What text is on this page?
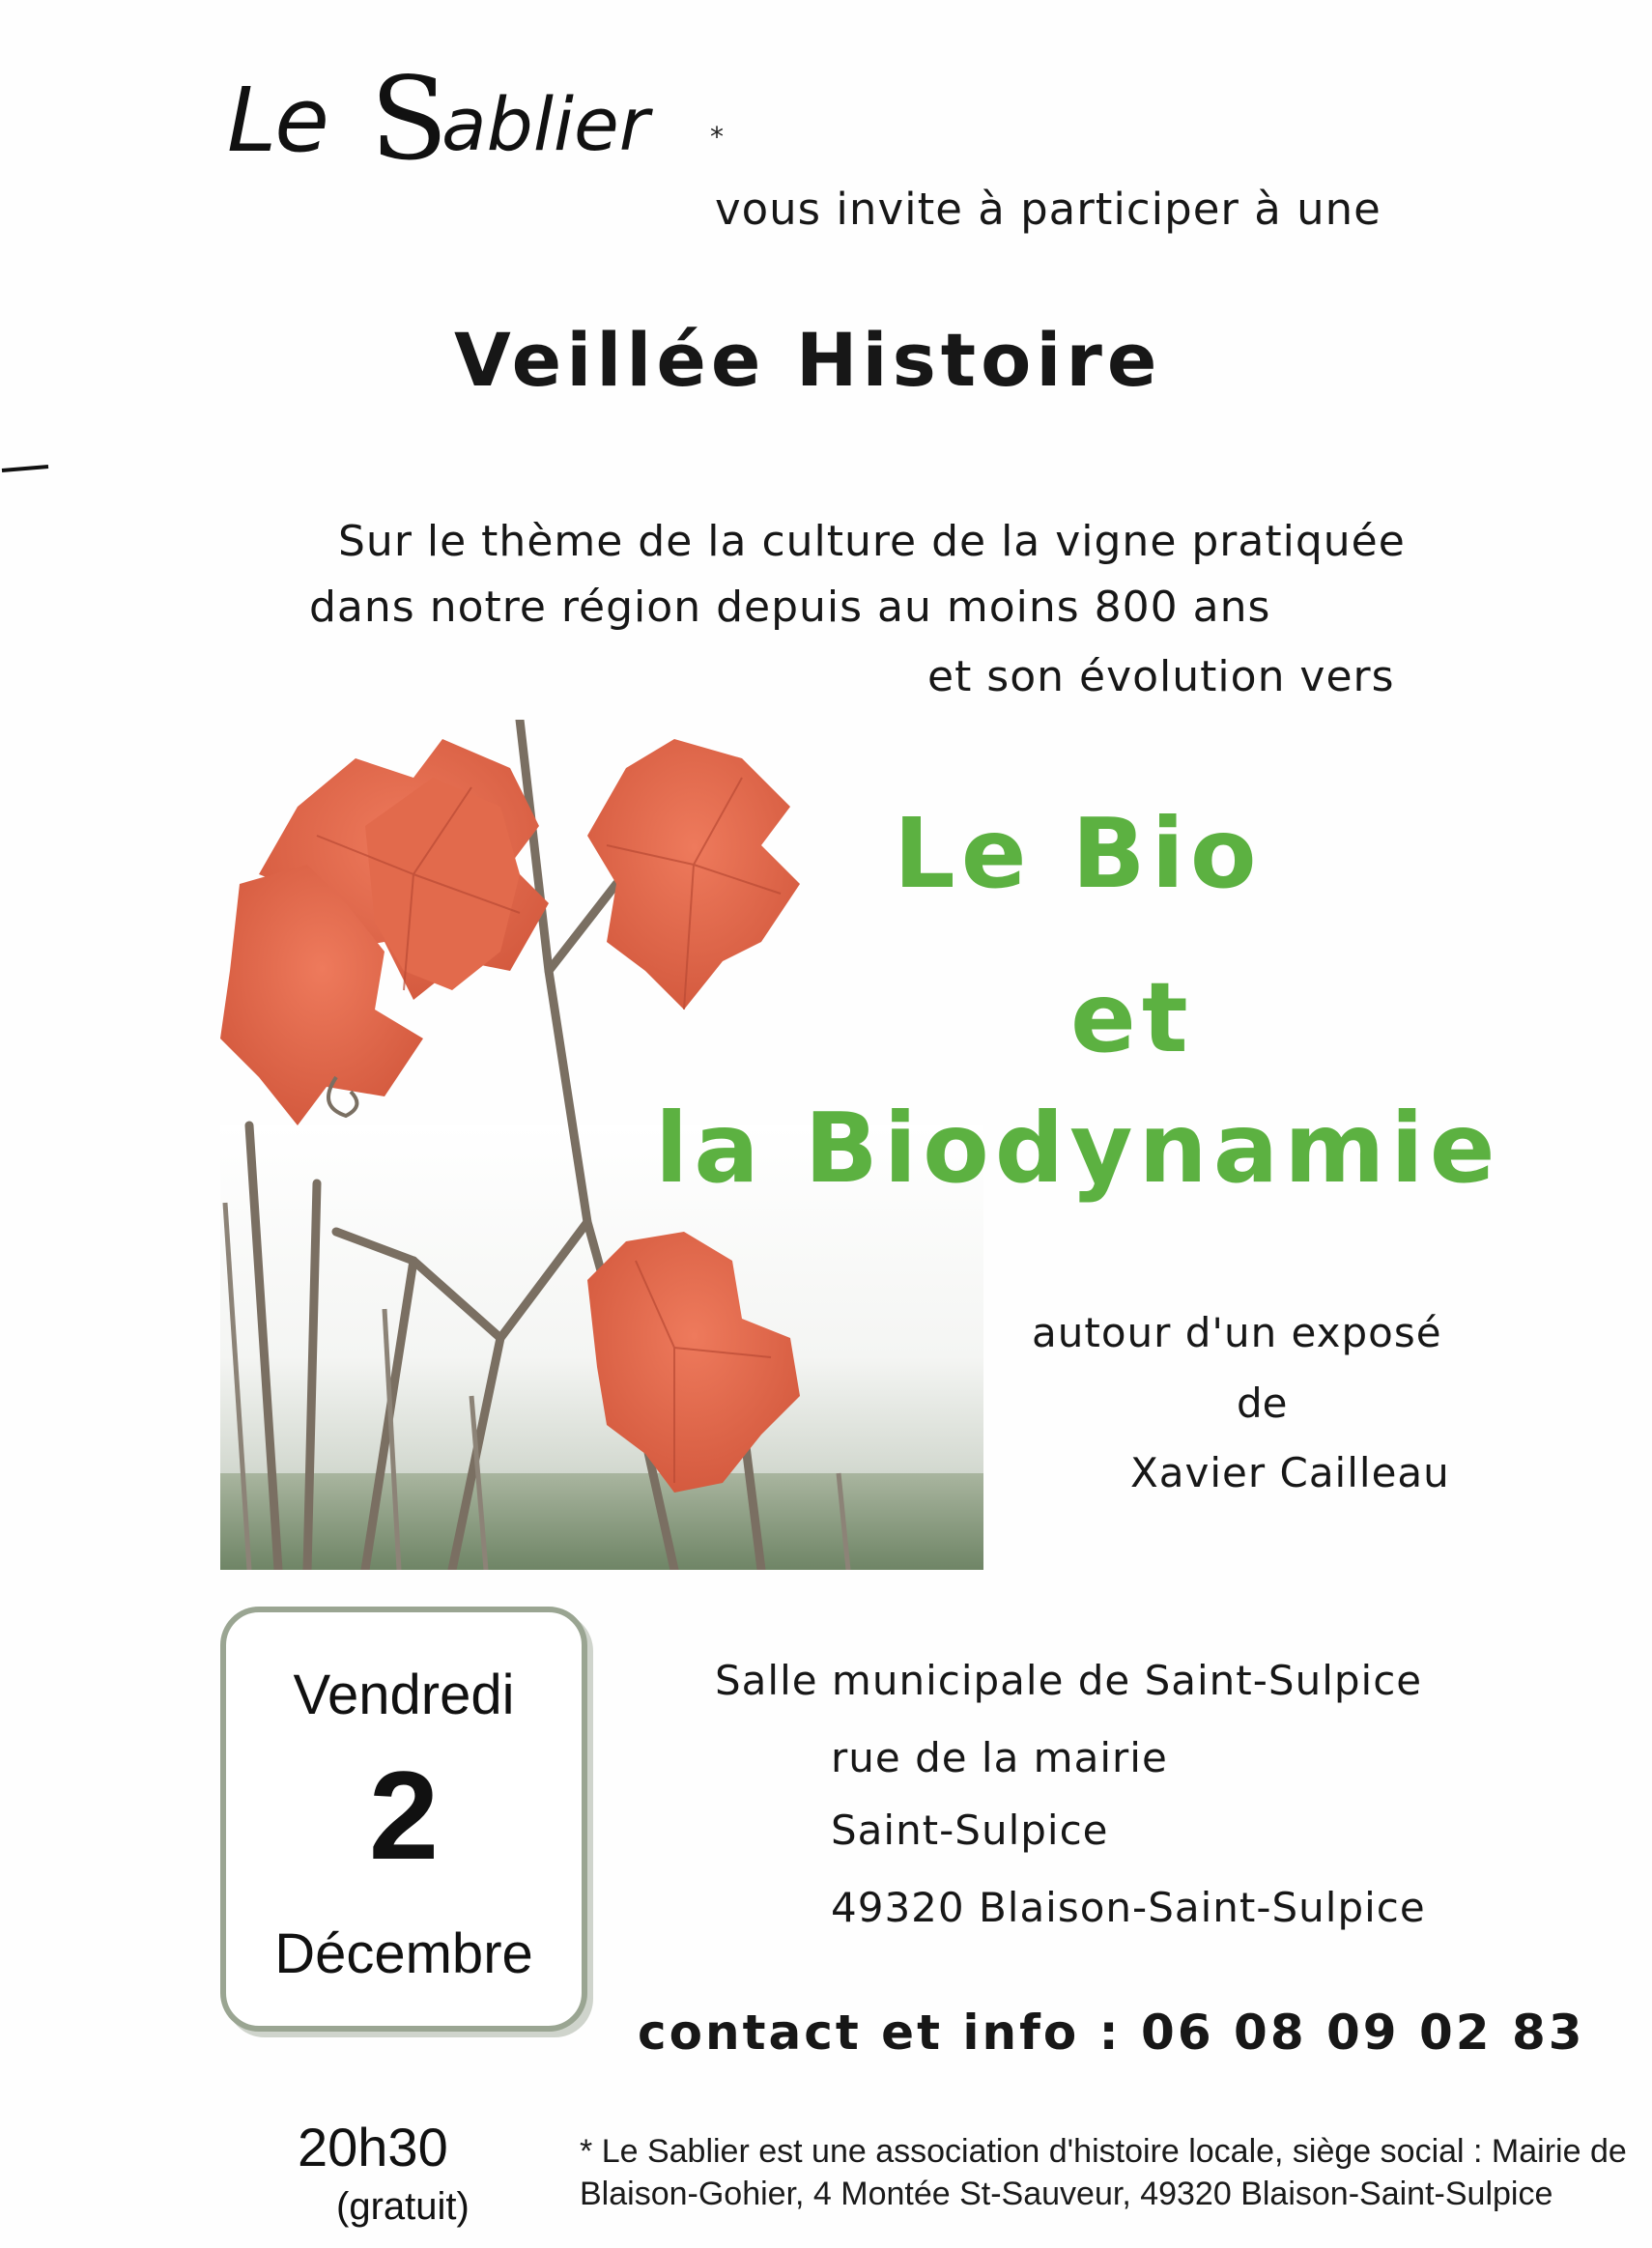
Le S
ablier *
vous invite à participer à une
Veillée Histoire
Sur le thème de la culture de la vigne pratiquée
dans notre région depuis au moins 800 ans
et son évolution vers
Le Bio
et
la Biodynamie
autour d'un exposé
de
Xavier Cailleau
Vendredi
2
Décembre
Salle municipale de Saint-Sulpice
rue de la mairie
Saint-Sulpice
49320 Blaison-Saint-Sulpice
contact et info : 06 08 09 02 83
20h30
(gratuit)
* Le Sablier est une association d'histoire locale, siège social : Mairie de Blaison-Gohier, 4 Montée St-Sauveur, 49320 Blaison-Saint-Sulpice
